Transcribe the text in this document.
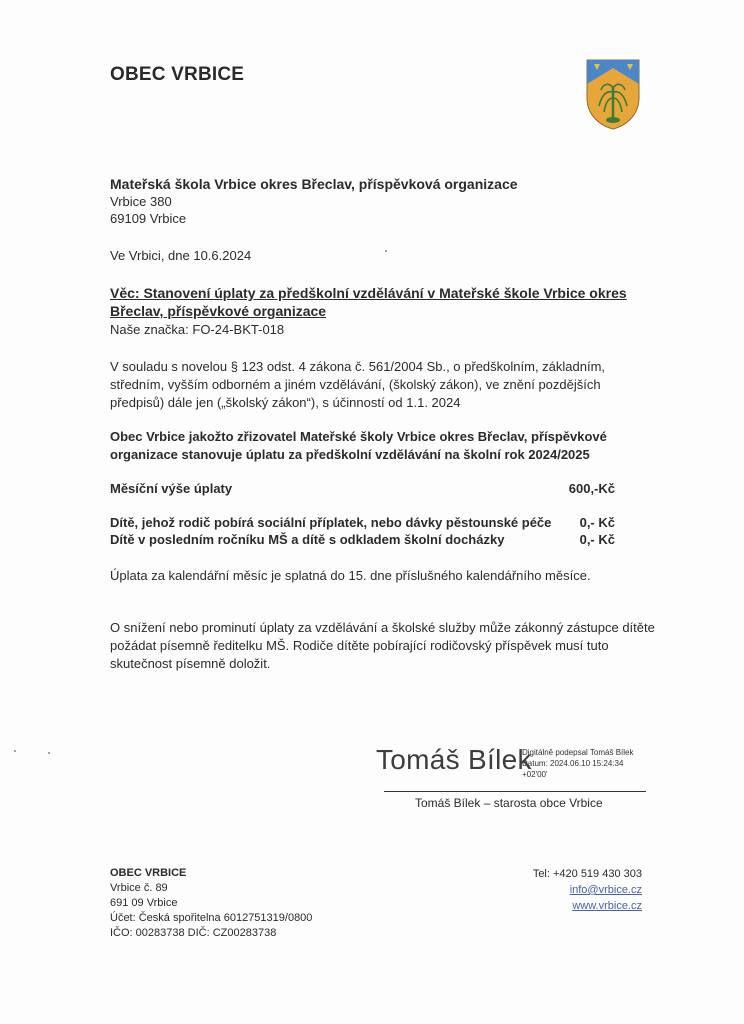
OBEC VRBICE
Mateřská škola Vrbice okres Břeclav, příspěvková organizace
Vrbice 380
69109 Vrbice
Ve Vrbici, dne 10.6.2024
Věc: Stanovení úplaty za předškolní vzdělávání v Mateřské škole Vrbice okres Břeclav, příspěvkové organizace
Naše značka: FO-24-BKT-018
V souladu s novelou § 123 odst. 4 zákona č. 561/2004 Sb., o předškolním, základním, středním, vyšším odborném a jiném vzdělávání, (školský zákon), ve znění pozdějších předpisů) dále jen („školský zákon“), s účinností od 1.1. 2024
Obec Vrbice jakožto zřizovatel Mateřské školy Vrbice okres Břeclav, příspěvkové organizace stanovuje úplatu za předškolní vzdělávání na školní rok 2024/2025
Měsíční výše úplaty	600,-Kč
Dítě, jehož rodič pobírá sociální příplatek, nebo dávky pěstounské péče 0,- Kč
Dítě v posledním ročníku MŠ a dítě s odkladem školní docházky	0,- Kč
Úplata za kalendářní měsíc je splatná do 15. dne příslušného kalendářního měsíce.
O snížení nebo prominutí úplaty za vzdělávání a školské služby může zákonný zástupce dítěte požádat písemně ředitelku MŠ. Rodiče dítěte pobírající rodičovský příspěvek musí tuto skutečnost písemně doložit.
Tomáš Bílek
Digitálně podepsal Tomáš Bílek
Datum: 2024.06.10 15:24:34
+02'00'
Tomáš Bílek – starosta obce Vrbice
OBEC VRBICE
Vrbice č. 89
691 09 Vrbice
Účet: Česká spořitelna 6012751319/0800
IČO: 00283738 DIČ: CZ00283738
Tel: +420 519 430 303
info@vrbice.cz
www.vrbice.cz
